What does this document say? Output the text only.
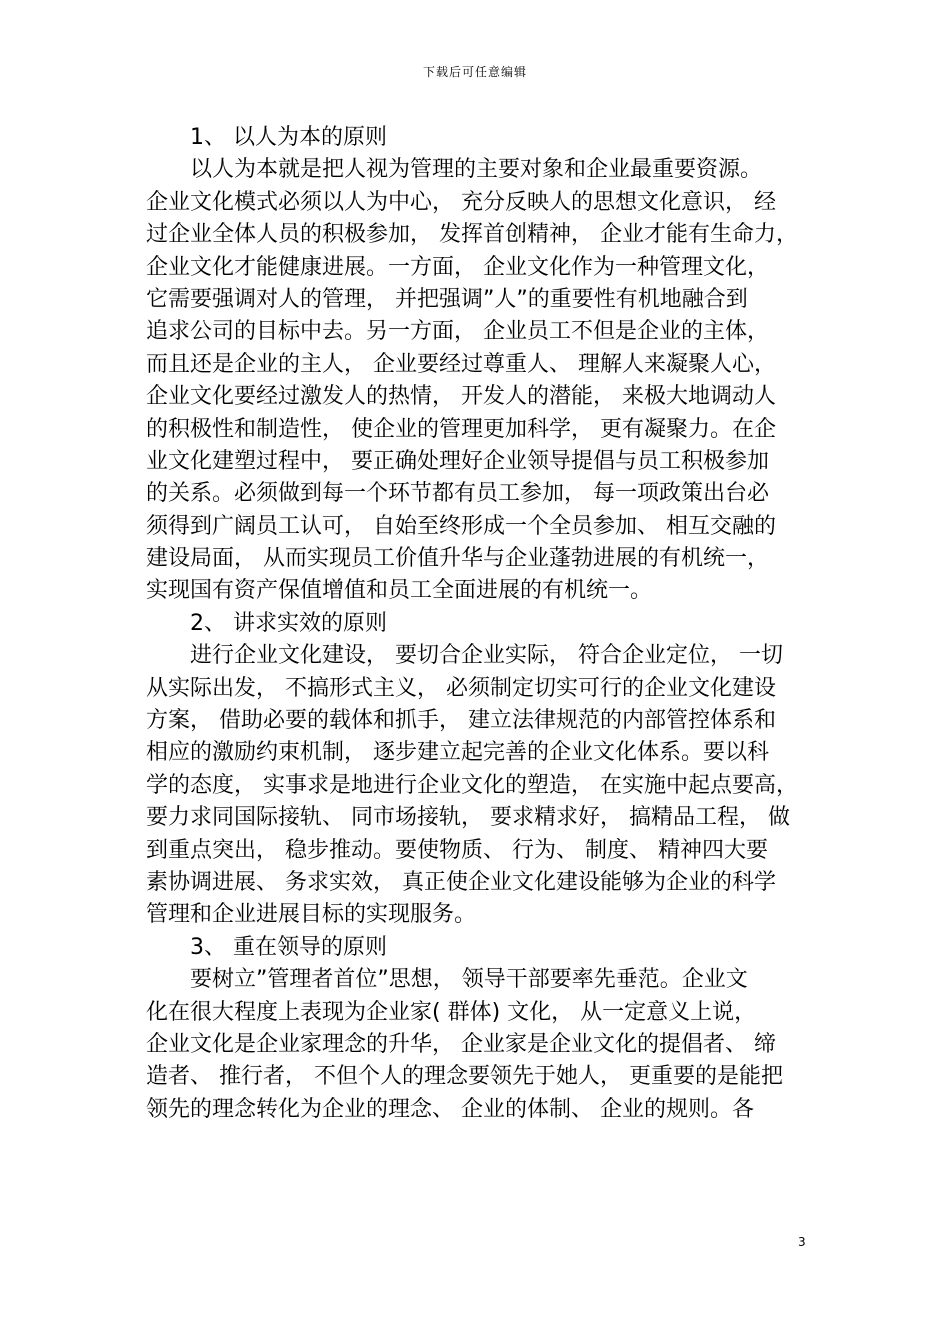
下载后可任意编辑
1、 以人为本的原则
以人为本就是把人视为管理的主要对象和企业最重要资源。
企业文化模式必须以人为中心， 充分反映人的思想文化意识， 经
过企业全体人员的积极参加， 发挥首创精神， 企业才能有生命力，
企业文化才能健康进展。一方面， 企业文化作为一种管理文化，
它需要强调对人的管理， 并把强调”人”的重要性有机地融合到
追求公司的目标中去。另一方面， 企业员工不但是企业的主体，
而且还是企业的主人， 企业要经过尊重人、 理解人来凝聚人心，
企业文化要经过激发人的热情， 开发人的潜能， 来极大地调动人
的积极性和制造性， 使企业的管理更加科学， 更有凝聚力。在企
业文化建塑过程中， 要正确处理好企业领导提倡与员工积极参加
的关系。必须做到每一个环节都有员工参加， 每一项政策出台必
须得到广阔员工认可， 自始至终形成一个全员参加、 相互交融的
建设局面， 从而实现员工价值升华与企业蓬勃进展的有机统一，
实现国有资产保值增值和员工全面进展的有机统一。
2、 讲求实效的原则
进行企业文化建设， 要切合企业实际， 符合企业定位， 一切
从实际出发， 不搞形式主义， 必须制定切实可行的企业文化建设
方案， 借助必要的载体和抓手， 建立法律规范的内部管控体系和
相应的激励约束机制， 逐步建立起完善的企业文化体系。要以科
学的态度， 实事求是地进行企业文化的塑造， 在实施中起点要高，
要力求同国际接轨、 同市场接轨， 要求精求好， 搞精品工程， 做
到重点突出， 稳步推动。要使物质、 行为、 制度、 精神四大要
素协调进展、 务求实效， 真正使企业文化建设能够为企业的科学
管理和企业进展目标的实现服务。
3、 重在领导的原则
要树立”管理者首位”思想， 领导干部要率先垂范。企业文
化在很大程度上表现为企业家( 群体) 文化， 从一定意义上说，
企业文化是企业家理念的升华， 企业家是企业文化的提倡者、 缔
造者、 推行者， 不但个人的理念要领先于她人， 更重要的是能把
领先的理念转化为企业的理念、 企业的体制、 企业的规则。各
3
